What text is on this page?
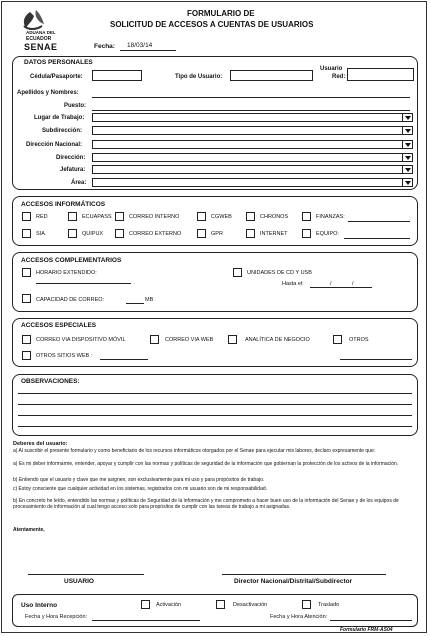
ADUANA DEL
ECUADOR
SENAE
FORMULARIO DE
SOLICITUD DE ACCESOS A CUENTAS DE USUARIOS
Fecha: 18/03/14
DATOS PERSONALES
Cédula/Pasaporte:	Tipo de Usuario:
Usuario
Red:
Apellidos y Nombres:
Puesto:
Lugar de Trabajo:
Subdirección:
Dirección Nacional:
Dirección:
Jefatura:
Área:
ACCESOS INFORMÁTICOS
RED	ECUAPASS	CORREO INTERNO	CGWEB	CHRONOS	FINANZAS:
SIA	QUIPUX	CORREO EXTERNO	GPR	INTERNET	EQUIPO:
ACCESOS COMPLEMENTARIOS
HORARIO EXTENDIDO:	UNIDADES DE CD Y USB
Hasta el:	/	/
CAPACIDAD DE CORREO:	MB
ACCESOS ESPECIALES
CORREO VIA DISPOSITIVO MÓVIL	CORREO VIA WEB	ANALÍTICA DE NEGOCIO	OTROS
OTROS SITIOS WEB :
OBSERVACIONES:
Deberes del usuario:
a) Al suscribir el presente formulario y como beneficiario de los recursos informáticos otorgados por el Senae para ejecutar mis labores, declaro expresamente que:
a) Es mi deber informarme, entender, apoyar y cumplir con las normas y políticas de seguridad de la información que gobiernan la protección de los activos de la información.
b) Entiendo que el usuario y clave que me asignen, son exclusivamente para mi uso y para propósitos de trabajo.
c) Estoy consciente que cualquier actividad en los sistemas, registrados con mi usuario son de mi responsabilidad.
b) En concreto he leído, entendido las normas y políticas de Seguridad de la información y me comprometo a hacer buen uso de la información del Senae y de los equipos de procesamiento de información al cual tengo acceso solo para propósitos de cumplir con las tareas de trabajo a mi asignadas.
Atentamente,
USUARIO	Director Nacional/Distrital/Subdirector
Uso Interno	Activación	Desactivación	Traslado
Fecha y Hora Recepción:	Fecha y Hora Atención:
Formulario FRM-AS04
